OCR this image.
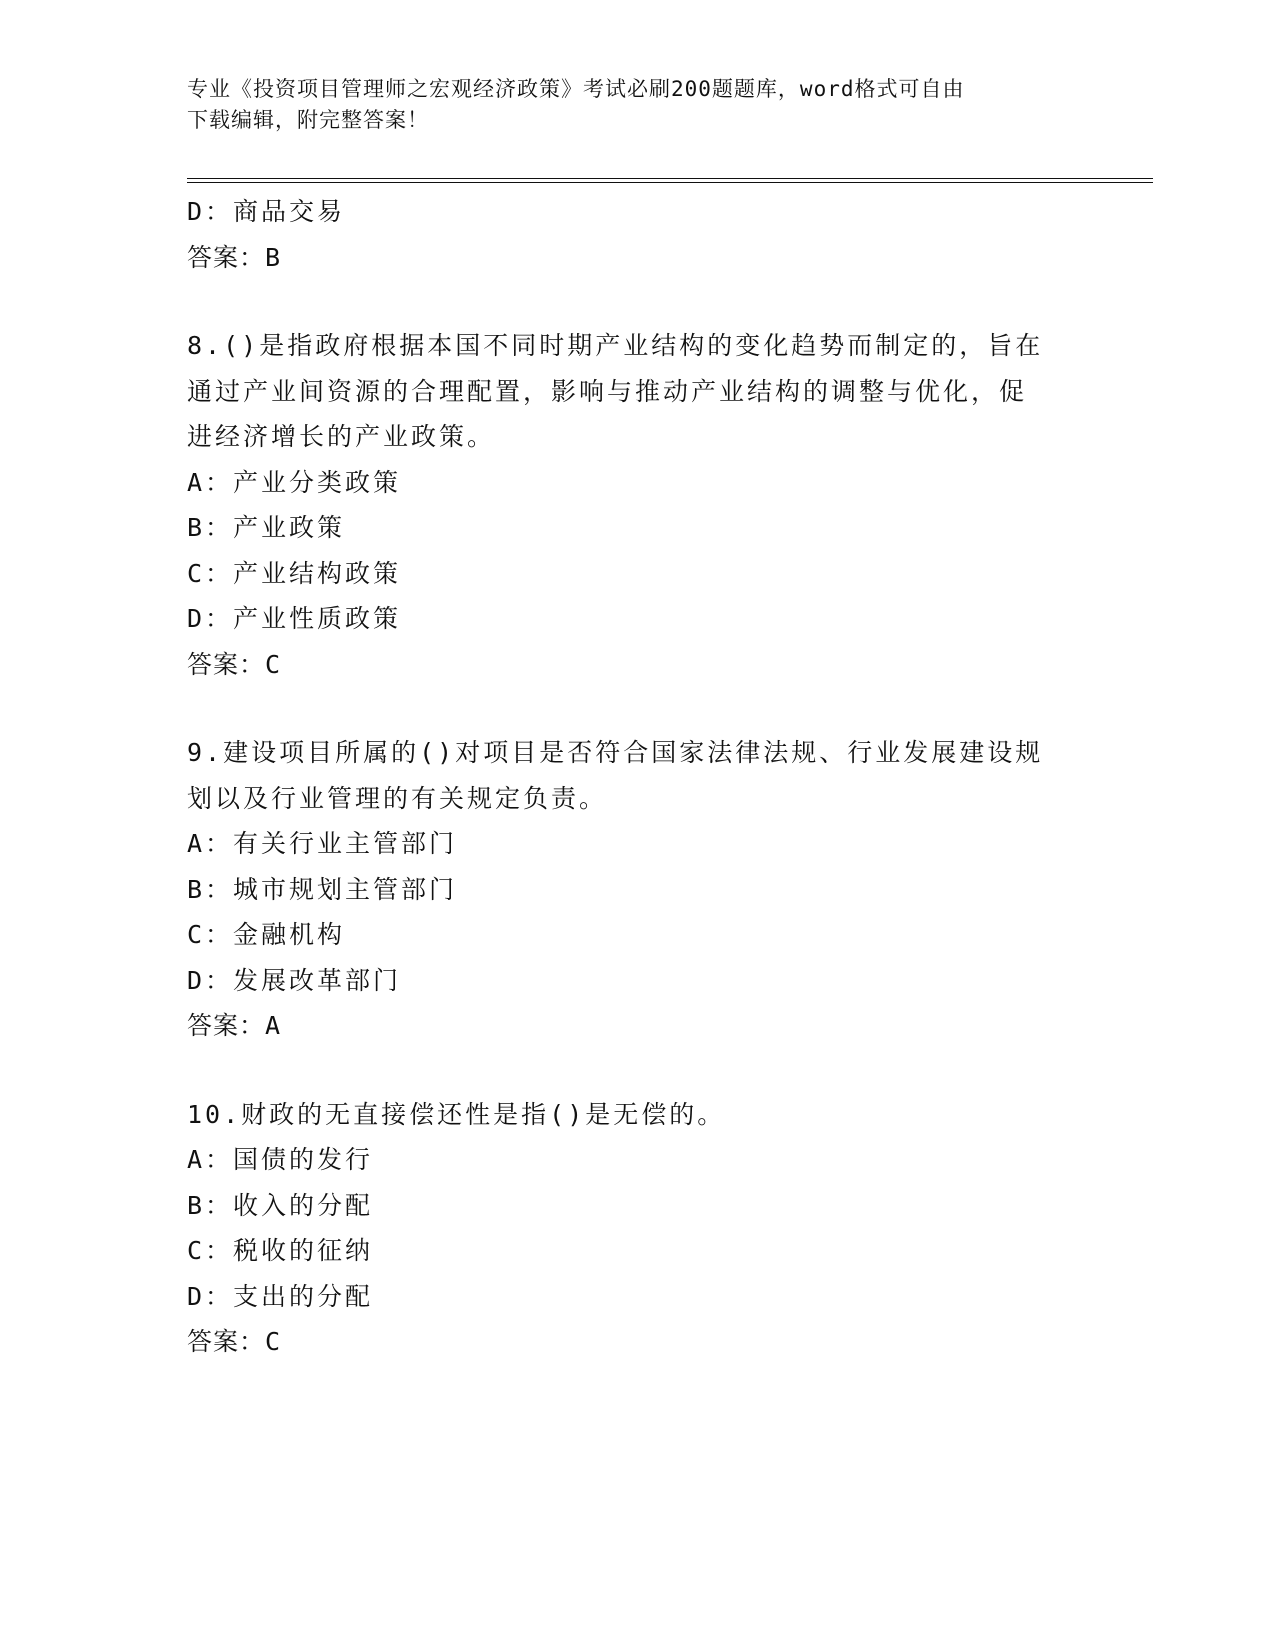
专业《投资项目管理师之宏观经济政策》考试必刷200题题库，word格式可自由
下载编辑，附完整答案！
D：商品交易
答案：B
8.()是指政府根据本国不同时期产业结构的变化趋势而制定的，旨在
通过产业间资源的合理配置，影响与推动产业结构的调整与优化，促
进经济增长的产业政策。
A：产业分类政策
B：产业政策
C：产业结构政策
D：产业性质政策
答案：C
9.建设项目所属的()对项目是否符合国家法律法规、行业发展建设规
划以及行业管理的有关规定负责。
A：有关行业主管部门
B：城市规划主管部门
C：金融机构
D：发展改革部门
答案：A
10.财政的无直接偿还性是指()是无偿的。
A：国债的发行
B：收入的分配
C：税收的征纳
D：支出的分配
答案：C
